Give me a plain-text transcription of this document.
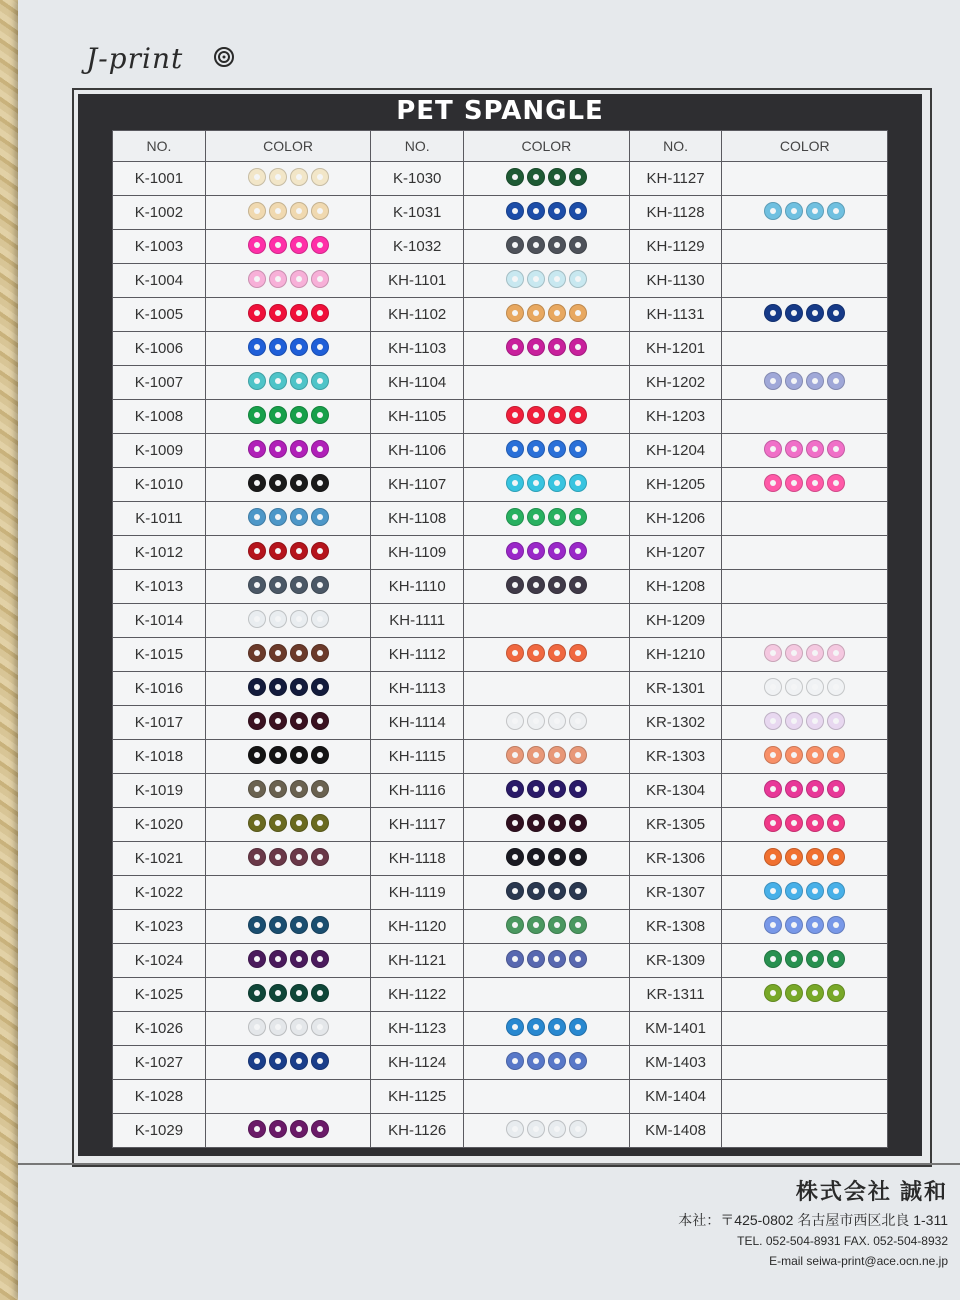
J-print
PET SPANGLE
NO.	COLOR	NO.	COLOR	NO.	COLOR
K-1001		K-1030		KH-1127	
K-1002		K-1031		KH-1128	

K-1003		K-1032		KH-1129	
K-1004		KH-1101		KH-1130	
K-1005		KH-1102		KH-1131	

K-1006		KH-1103		KH-1201	
K-1007		KH-1104		KH-1202	

K-1008		KH-1105		KH-1203	
K-1009		KH-1106		KH-1204	

K-1010		KH-1107		KH-1205	

K-1011		KH-1108		KH-1206	
K-1012		KH-1109		KH-1207	
K-1013		KH-1110		KH-1208	
K-1014		KH-1111		KH-1209	
K-1015		KH-1112		KH-1210	

K-1016		KH-1113		KR-1301	

K-1017		KH-1114		KR-1302	

K-1018		KH-1115		KR-1303	

K-1019		KH-1116		KR-1304	

K-1020		KH-1117		KR-1305	

K-1021		KH-1118		KR-1306	

K-1022		KH-1119		KR-1307	

K-1023		KH-1120		KR-1308	

K-1024		KH-1121		KR-1309	

K-1025		KH-1122		KR-1311	

K-1026		KH-1123		KM-1401	
K-1027		KH-1124		KM-1403	
K-1028		KH-1125		KM-1404	
K-1029		KH-1126		KM-1408	
株式会社 誠和
本社：〒425-0802 名古屋市西区北良 1-311
TEL. 052-504-8931 FAX. 052-504-8932
E-mail seiwa-print@ace.ocn.ne.jp
